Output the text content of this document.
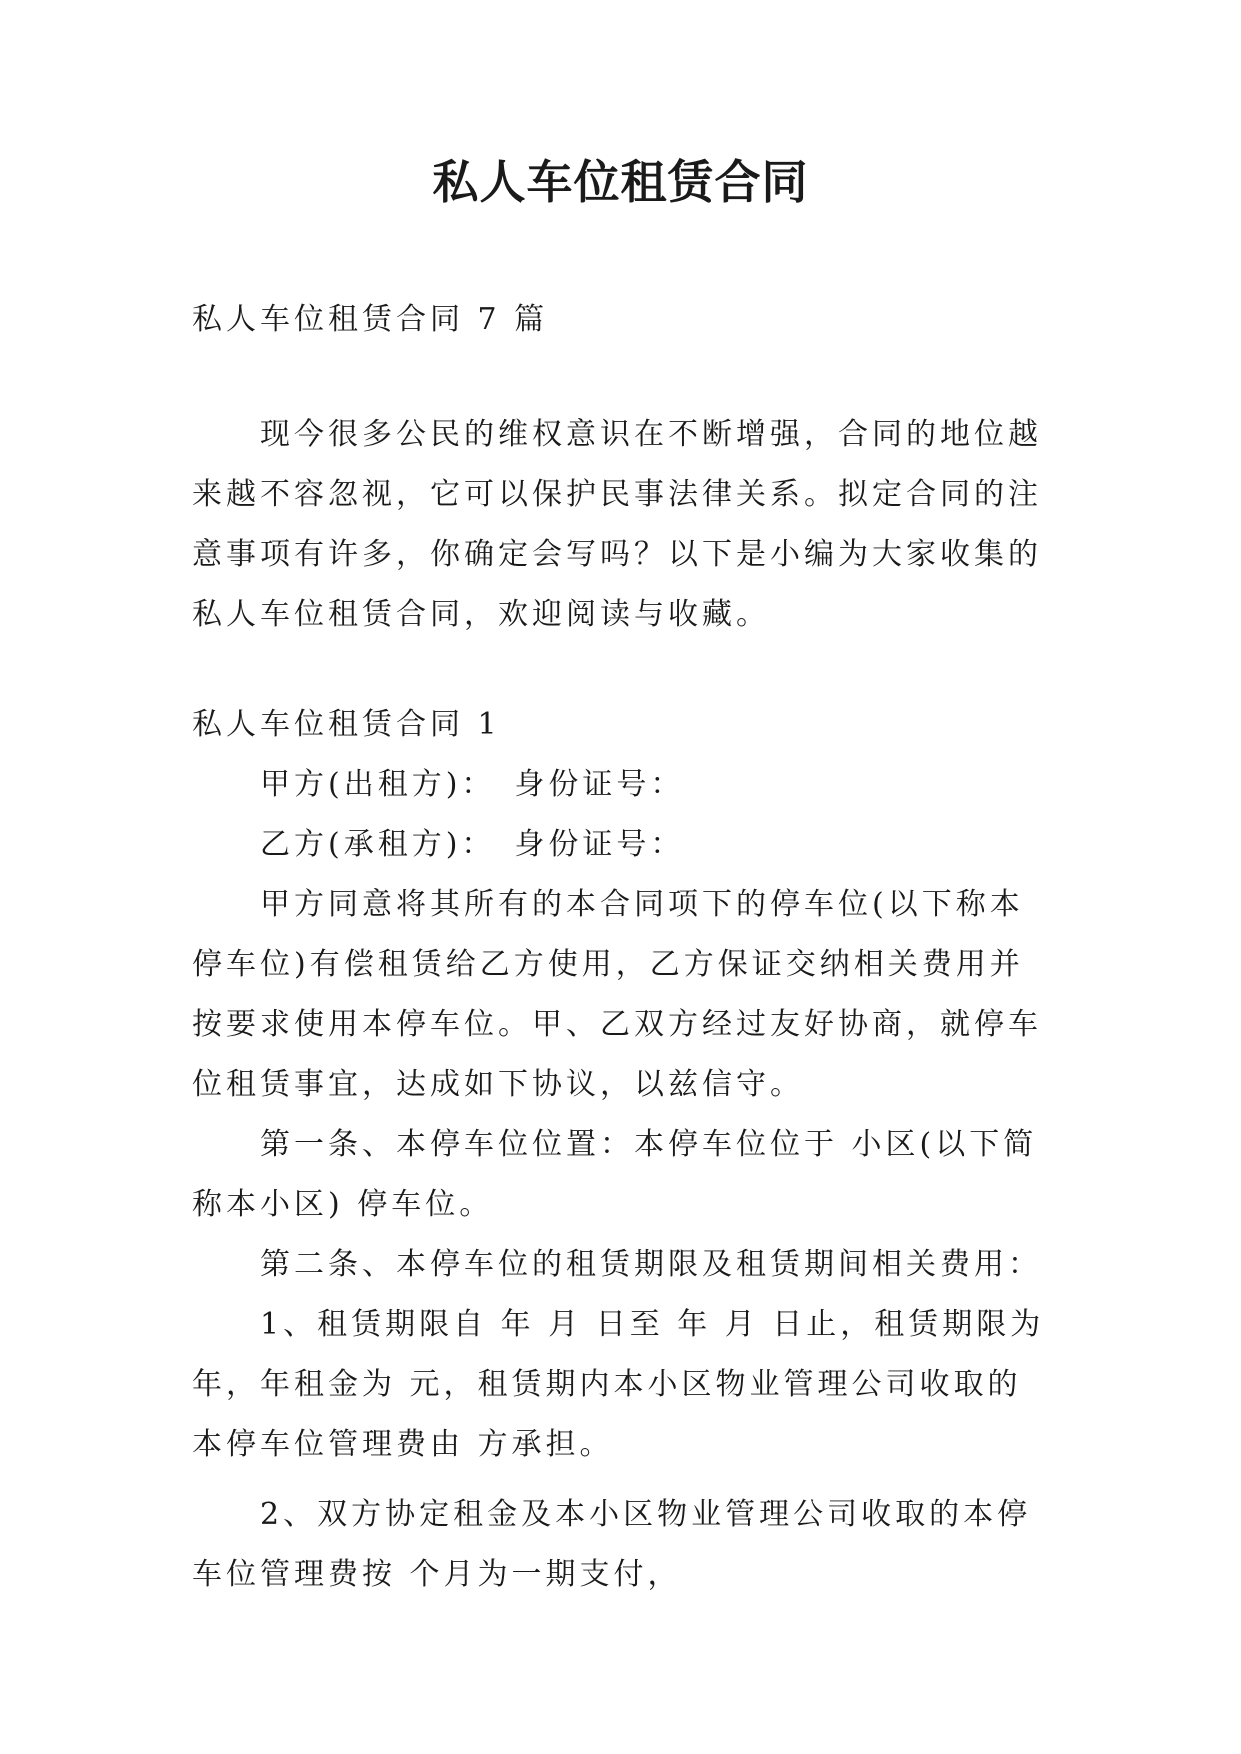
私人车位租赁合同

私人车位租赁合同 7 篇

现今很多公民的维权意识在不断增强，合同的地位越来越不容忽视，它可以保护民事法律关系。拟定合同的注意事项有许多，你确定会写吗？以下是小编为大家收集的私人车位租赁合同，欢迎阅读与收藏。

私人车位租赁合同 1

甲方(出租方)：　身份证号：

乙方(承租方)：　身份证号：

甲方同意将其所有的本合同项下的停车位(以下称本停车位)有偿租赁给乙方使用，乙方保证交纳相关费用并按要求使用本停车位。甲、乙双方经过友好协商，就停车位租赁事宜，达成如下协议，以兹信守。

第一条、本停车位位置：本停车位位于 小区(以下简称本小区) 停车位。

第二条、本停车位的租赁期限及租赁期间相关费用：

1、租赁期限自 年 月 日至 年 月 日止，租赁期限为 年，年租金为 元，租赁期内本小区物业管理公司收取的本停车位管理费由 方承担。

2、双方协定租金及本小区物业管理公司收取的本停车位管理费按 个月为一期支付，
